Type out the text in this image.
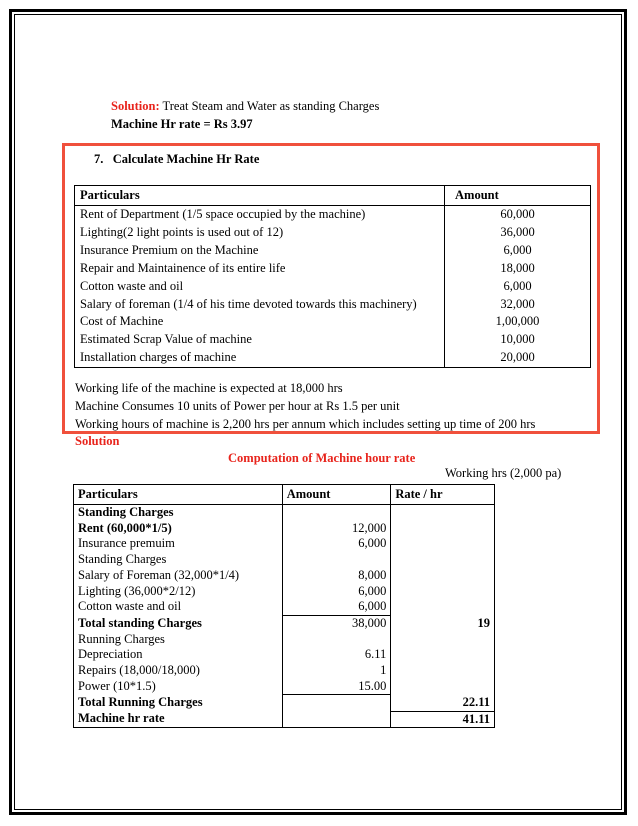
Solution: Treat Steam and Water as standing Charges
Machine Hr rate = Rs 3.97
7. Calculate Machine Hr Rate
Particulars	Amount
Rent of Department (1/5 space occupied by the machine)	60,000
Lighting(2 light points is used out of 12)	36,000
Insurance Premium on the Machine	6,000
Repair and Maintainence of its entire life	18,000
Cotton waste and oil	6,000
Salary of foreman (1/4 of his time devoted towards this machinery)	32,000
Cost of Machine	1,00,000
Estimated Scrap Value of machine	10,000
Installation charges of machine	20,000
Working life of the machine is expected at 18,000 hrs
Machine Consumes 10 units of Power per hour at Rs 1.5 per unit
Working hours of machine is 2,200 hrs per annum which includes setting up time of 200 hrs
Solution
Computation of Machine hour rate
Working hrs (2,000 pa)
Particulars	Amount	Rate / hr
Standing Charges		
Rent (60,000*1/5)	12,000	
Insurance premuim	6,000	
Standing Charges		
Salary of Foreman (32,000*1/4)	8,000	
Lighting (36,000*2/12)	6,000	
Cotton waste and oil	6,000	
Total standing Charges	38,000	19
Running Charges		
Depreciation	6.11	
Repairs (18,000/18,000)	1	
Power (10*1.5)	15.00	
Total Running Charges		22.11
Machine hr rate		41.11
